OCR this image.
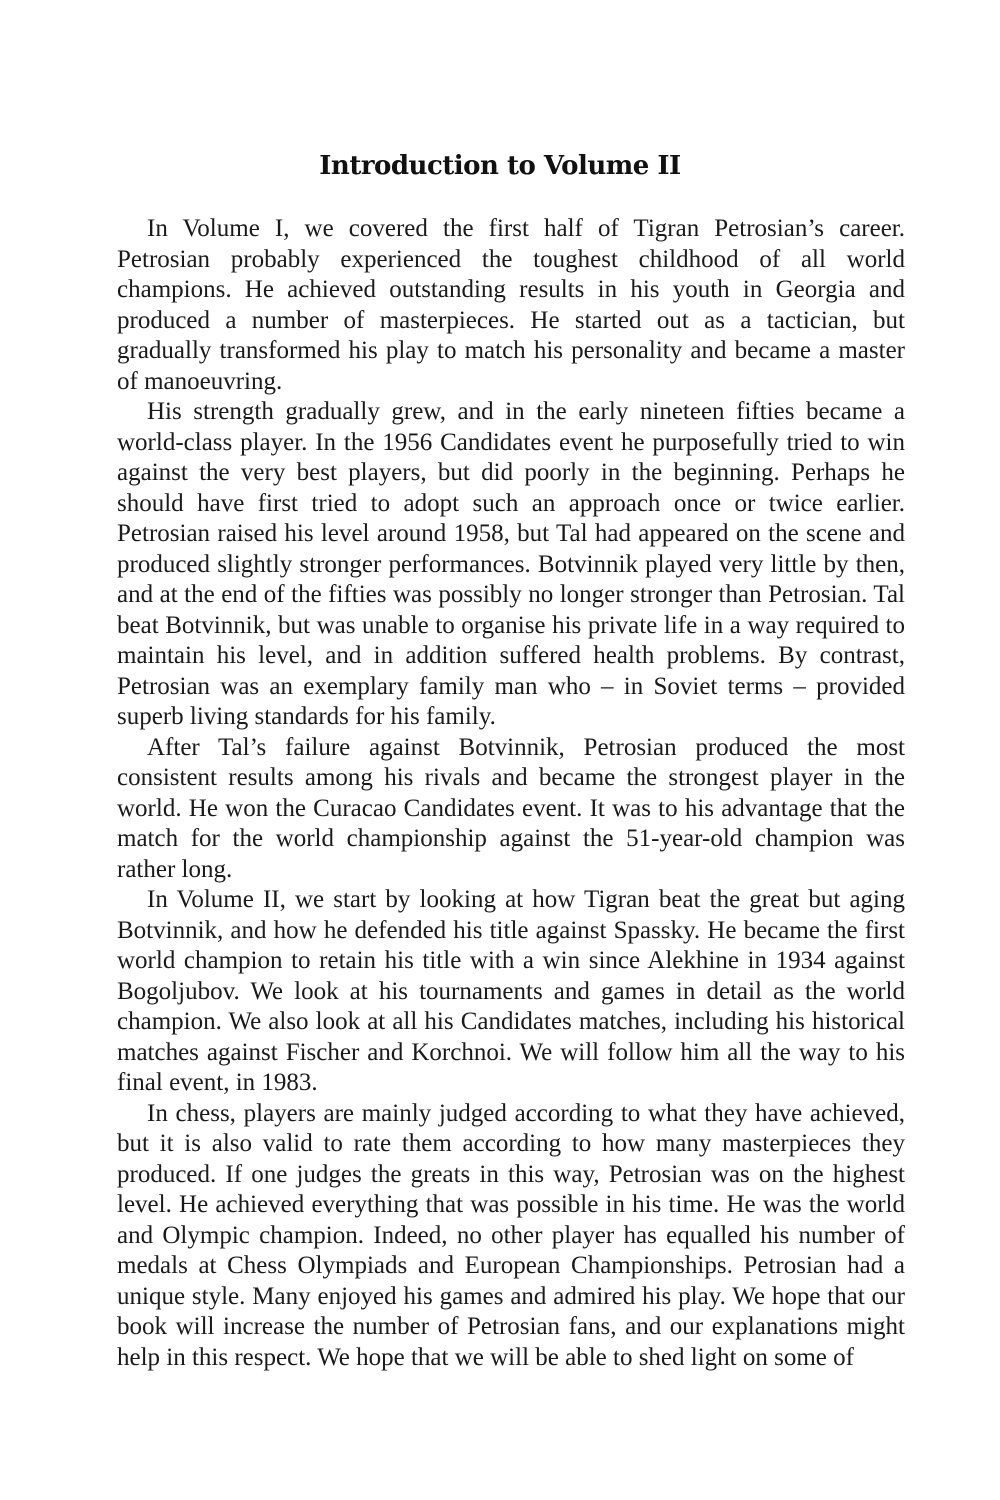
Introduction to Volume II

In Volume I, we covered the first half of Tigran Petrosian’s career. Petrosian probably experienced the toughest childhood of all world champions. He achieved outstanding results in his youth in Georgia and produced a number of masterpieces. He started out as a tactician, but gradually transformed his play to match his personality and became a master of manoeuvring.

His strength gradually grew, and in the early nineteen fifties became a world-class player. In the 1956 Candidates event he purposefully tried to win against the very best players, but did poorly in the beginning. Perhaps he should have first tried to adopt such an approach once or twice earlier. Petrosian raised his level around 1958, but Tal had appeared on the scene and produced slightly stronger performances. Botvinnik played very little by then, and at the end of the fifties was possibly no longer stronger than Petrosian. Tal beat Botvinnik, but was unable to organise his private life in a way required to maintain his level, and in addition suffered health problems. By contrast, Petrosian was an exemplary family man who – in Soviet terms – provided superb living standards for his family.

After Tal’s failure against Botvinnik, Petrosian produced the most consistent results among his rivals and became the strongest player in the world. He won the Curacao Candidates event. It was to his advantage that the match for the world championship against the 51-year-old champion was rather long.

In Volume II, we start by looking at how Tigran beat the great but aging Botvinnik, and how he defended his title against Spassky. He became the first world champion to retain his title with a win since Alekhine in 1934 against Bogoljubov. We look at his tournaments and games in detail as the world champion. We also look at all his Candidates matches, including his historical matches against Fischer and Korchnoi. We will follow him all the way to his final event, in 1983.

In chess, players are mainly judged according to what they have achieved, but it is also valid to rate them according to how many masterpieces they produced. If one judges the greats in this way, Petrosian was on the highest level. He achieved everything that was possible in his time. He was the world and Olympic champion. Indeed, no other player has equalled his number of medals at Chess Olympiads and European Championships. Petrosian had a unique style. Many enjoyed his games and admired his play. We hope that our book will increase the number of Petrosian fans, and our explanations might help in this respect. We hope that we will be able to shed light on some of
